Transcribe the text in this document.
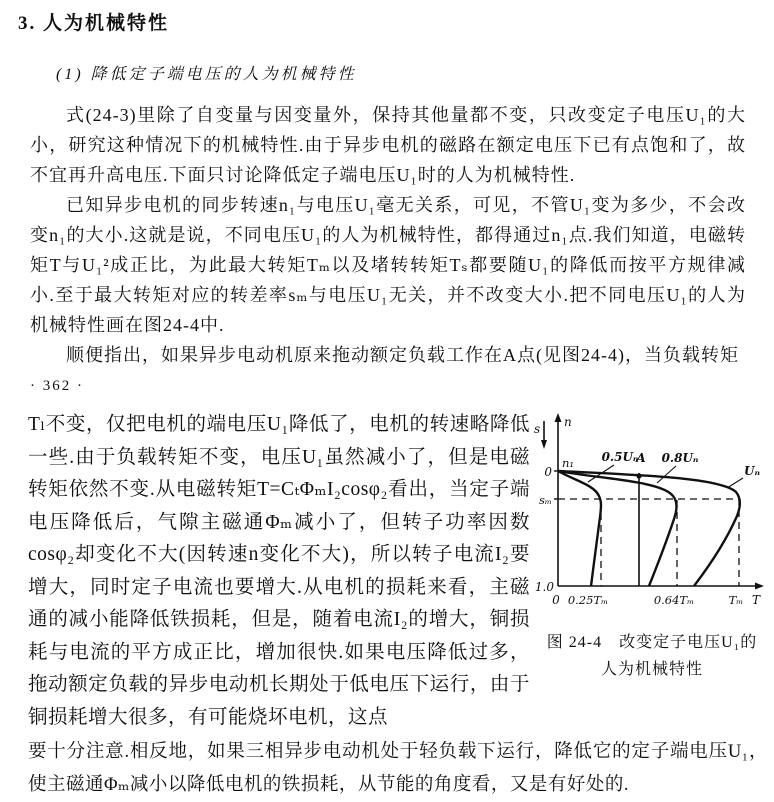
3. 人为机械特性
(1) 降低定子端电压的人为机械特性

式(24-3)里除了自变量与因变量外，保持其他量都不变，只改变定子电压U₁的大小，研究这种情况下的机械特性.由于异步电机的磁路在额定电压下已有点饱和了，故不宜再升高电压.下面只讨论降低定子端电压U₁时的人为机械特性.

已知异步电机的同步转速n₁与电压U₁毫无关系，可见，不管U₁变为多少，不会改变n₁的大小.这就是说，不同电压U₁的人为机械特性，都得通过n₁点.我们知道，电磁转矩T与U₁²成正比，为此最大转矩Tₘ以及堵转转矩Tₛ都要随U₁的降低而按平方规律减小.至于最大转矩对应的转差率sₘ与电压U₁无关，并不改变大小.把不同电压U₁的人为机械特性画在图24-4中.

顺便指出，如果异步电动机原来拖动额定负载工作在A点(见图24-4)，当负载转矩

· 362 ·
Tₗ不变，仅把电机的端电压U₁降低了，电机的转速略降低一些.由于负载转矩不变，电压U₁虽然减小了，但是电磁转矩依然不变.从电磁转矩T=CₜΦₘI₂cosφ₂看出，当定子端电压降低后，气隙主磁通Φₘ减小了，但转子功率因数cosφ₂却变化不大(因转速n变化不大)，所以转子电流I₂要增大，同时定子电流也要增大.从电机的损耗来看，主磁通的减小能降低铁损耗，但是，随着电流I₂的增大，铜损耗与电流的平方成正比，增加很快.如果电压降低过多，拖动额定负载的异步电动机长期处于低电压下运行，由于铜损耗增大很多，有可能烧坏电机，这点
n
s
n₁
0
sₘ
1.0
0 0.25Tₘ	0.64Tₘ	Tₘ T
0.5Uₙ
A 0.8Uₙ
Uₙ
图 24-4　改变定子电压U₁的
人为机械特性

要十分注意.相反地，如果三相异步电动机处于轻负载下运行，降低它的定子端电压U₁，使主磁通Φₘ减小以降低电机的铁损耗，从节能的角度看，又是有好处的.
